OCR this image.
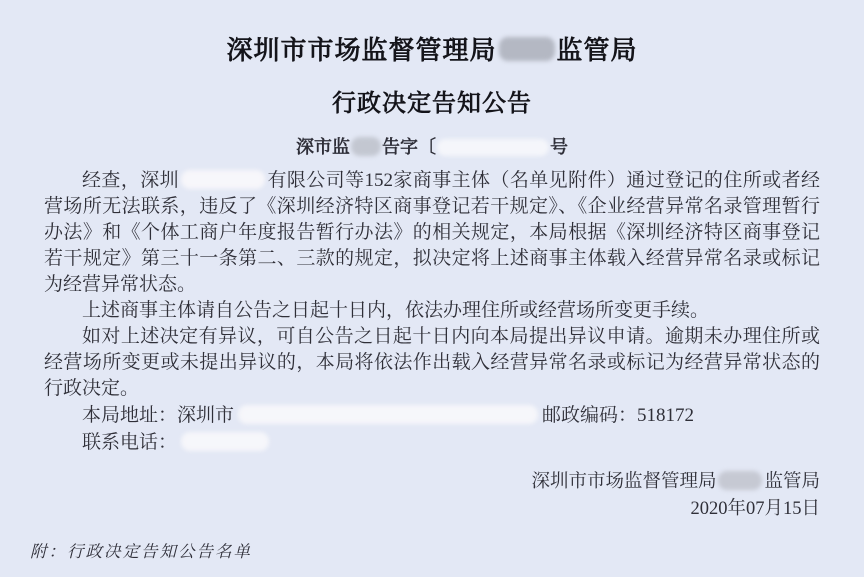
深圳市市场监督管理局 监管局
行政决定告知公告
深市监 告字〔	号

经查，深圳	有限公司等152家商事主体（名单见附件）通过登记的住所或者经营场所无法联系，违反了《深圳经济特区商事登记若干规定》、《企业经营异常名录管理暂行办法》和《个体工商户年度报告暂行办法》的相关规定，本局根据《深圳经济特区商事登记若干规定》第三十一条第二、三款的规定，拟决定将上述商事主体载入经营异常名录或标记为经营异常状态。

上述商事主体请自公告之日起十日内，依法办理住所或经营场所变更手续。

如对上述决定有异议，可自公告之日起十日内向本局提出异议申请。逾期未办理住所或经营场所变更或未提出异议的，本局将依法作出载入经营异常名录或标记为经营异常状态的行政决定。

本局地址：深圳市	邮政编码：518172

联系电话：

深圳市市场监督管理局	监管局

2020年07月15日

附：行政决定告知公告名单
